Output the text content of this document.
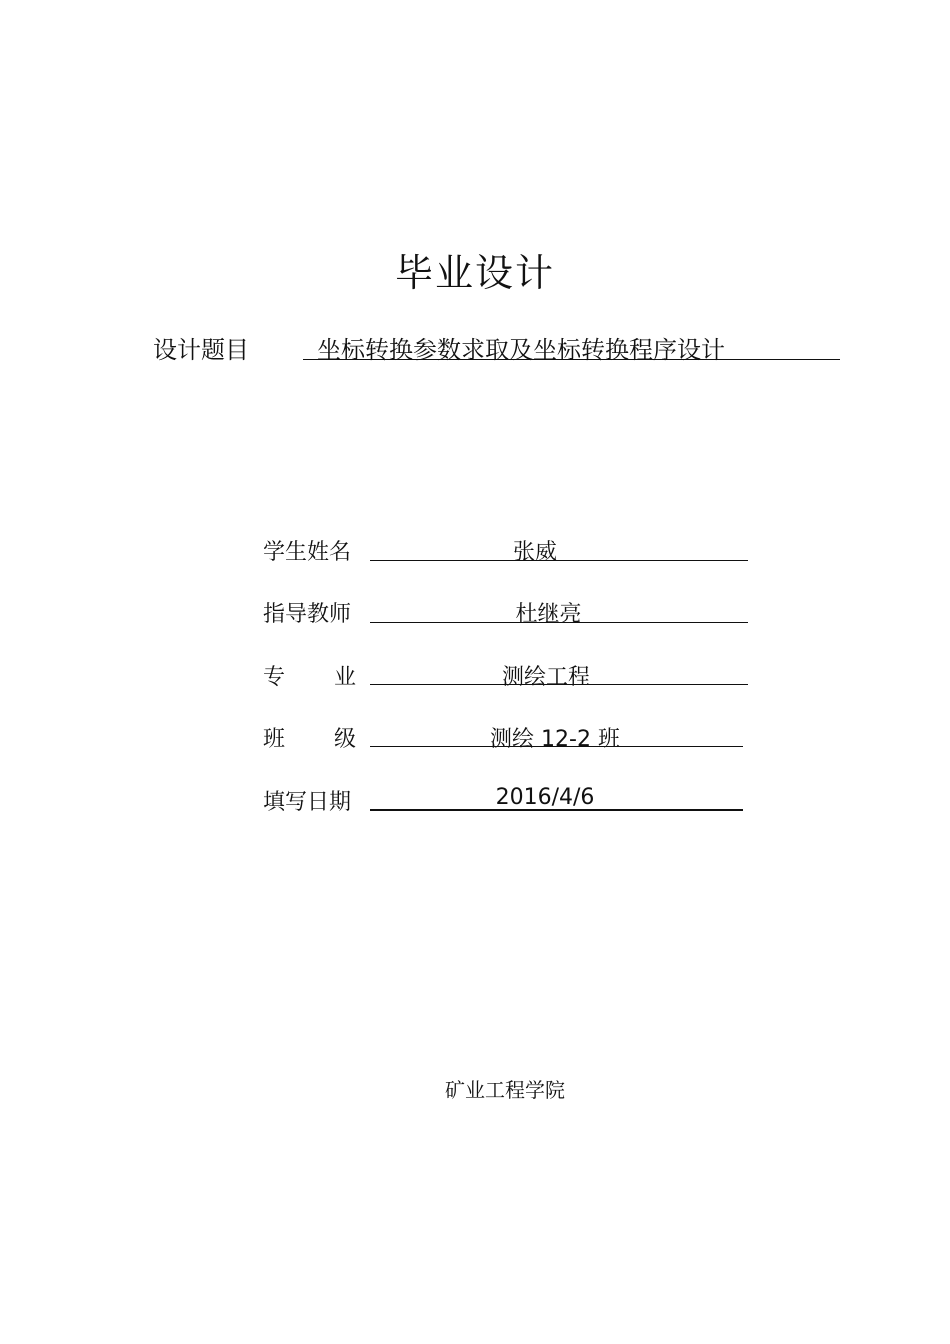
毕业设计
设计题目	坐标转换参数求取及坐标转换程序设计
学生姓名	张威
指导教师	杜继亮
专       业	测绘工程
班       级	测绘 12-2 班
填写日期	2016/4/6
矿业工程学院
